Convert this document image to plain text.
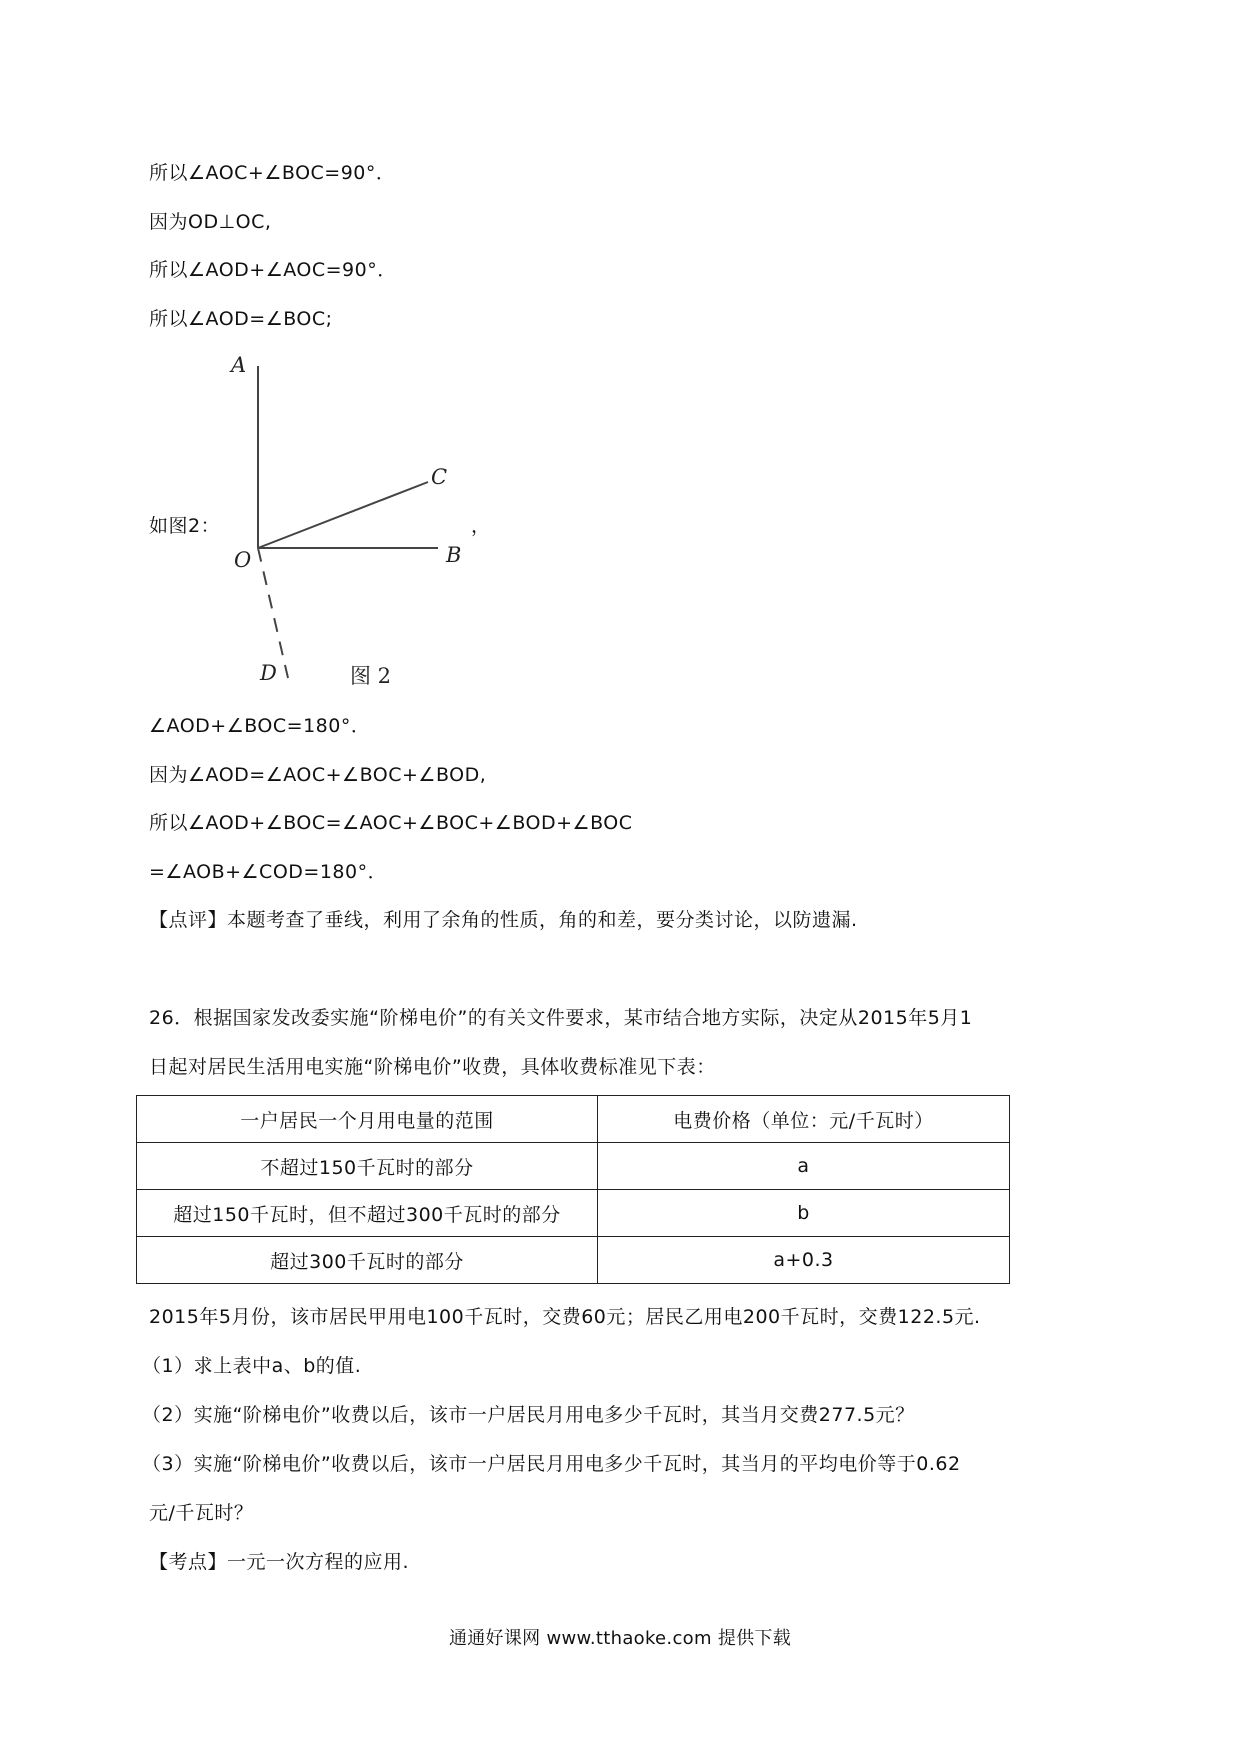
所以∠AOC+∠BOC=90°．
因为OD⊥OC,
所以∠AOD+∠AOC=90°．
所以∠AOD=∠BOC;
如图2：	，
A
C
O	B
D	图 2
∠AOD+∠BOC=180°．
因为∠AOD=∠AOC+∠BOC+∠BOD,
所以∠AOD+∠BOC=∠AOC+∠BOC+∠BOD+∠BOC
=∠AOB+∠COD=180°．
【点评】本题考查了垂线，利用了余角的性质，角的和差，要分类讨论，以防遗漏.
26．根据国家发改委实施“阶梯电价”的有关文件要求，某市结合地方实际，决定从2015年5月1
日起对居民生活用电实施“阶梯电价”收费，具体收费标准见下表：
一户居民一个月用电量的范围	电费价格（单位：元/千瓦时）
不超过150千瓦时的部分	a
超过150千瓦时，但不超过300千瓦时的部分	b
超过300千瓦时的部分	a+0.3
2015年5月份，该市居民甲用电100千瓦时，交费60元；居民乙用电200千瓦时，交费122.5元.
（1）求上表中a、b的值.
（2）实施“阶梯电价”收费以后，该市一户居民月用电多少千瓦时，其当月交费277.5元？
（3）实施“阶梯电价”收费以后，该市一户居民月用电多少千瓦时，其当月的平均电价等于0.62
元/千瓦时？
【考点】一元一次方程的应用.
通通好课网 www.tthaoke.com 提供下载
